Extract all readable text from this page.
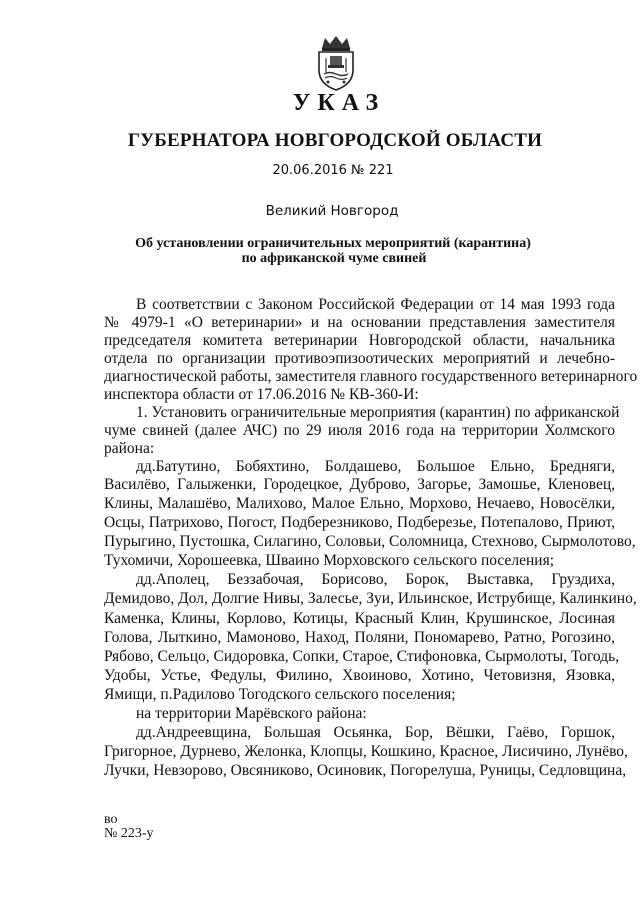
УКАЗ
ГУБЕРНАТОРА НОВГОРОДСКОЙ ОБЛАСТИ
20.06.2016 № 221
Великий Новгород
Об установлении ограничительных мероприятий (карантина)
по африканской чуме свиней
В соответствии с Законом Российской Федерации от 14 мая 1993 года
№ 4979-1 «О ветеринарии» и на основании представления заместителя
председателя комитета ветеринарии Новгородской области, начальника
отдела по организации противоэпизоотических мероприятий и лечебно-
диагностической работы, заместителя главного государственного ветеринарного
инспектора области от 17.06.2016 № КВ-360-И:
1. Установить ограничительные мероприятия (карантин) по африканской
чуме свиней (далее АЧС) по 29 июля 2016 года на территории Холмского
района:
дд.Батутино, Бобяхтино, Болдашево, Большое Ельно, Бредняги,
Василёво, Галыженки, Городецкое, Дуброво, Загорье, Замошье, Кленовец,
Клины, Малашёво, Малихово, Малое Ельно, Морхово, Нечаево, Новосёлки,
Осцы, Патрихово, Погост, Подберезниково, Подберезье, Потепалово, Приют,
Пурыгино, Пустошка, Силагино, Соловьи, Соломница, Стехново, Сырмолотово,
Тухомичи, Хорошеевка, Шваино Морховского сельского поселения;
дд.Аполец, Беззабочая, Борисово, Борок, Выставка, Груздиха,
Демидово, Дол, Долгие Нивы, Залесье, Зуи, Ильинское, Иструбище, Калинкино,
Каменка, Клины, Корлово, Котицы, Красный Клин, Крушинское, Лосиная
Голова, Лыткино, Мамоново, Наход, Поляни, Пономарево, Ратно, Рогозино,
Рябово, Сельцо, Сидоровка, Сопки, Старое, Стифоновка, Сырмолоты, Тогодь,
Удобы, Устье, Федулы, Филино, Хвоиново, Хотино, Четовизня, Язовка,
Ямищи, п.Радилово Тогодского сельского поселения;
на территории Марёвского района:
дд.Андреевщина, Большая Осьянка, Бор, Вёшки, Гаёво, Горшок,
Григорное, Дурнево, Желонка, Клопцы, Кошкино, Красное, Лисичино, Лунёво,
Лучки, Невзорово, Овсяниково, Осиновик, Погорелуша, Руницы, Седловщина,
во
№ 223-у
